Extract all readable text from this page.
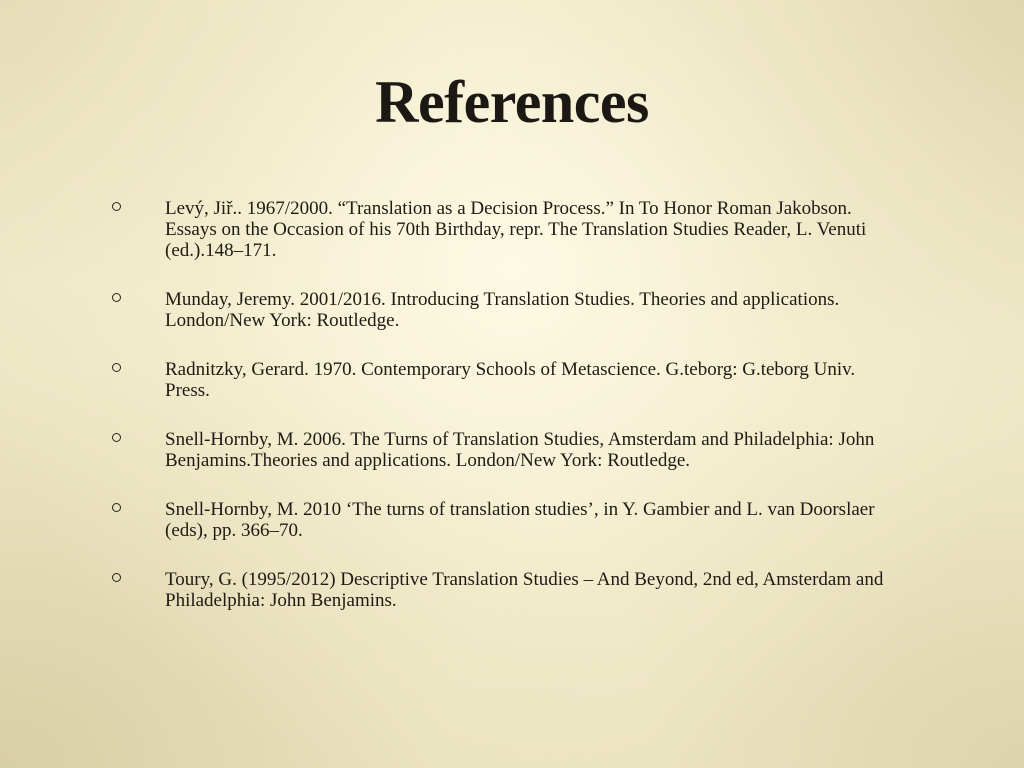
References
Levý, Jiř.. 1967/2000. “Translation as a Decision Process.” In To Honor Roman Jakobson. Essays on the Occasion of his 70th Birthday, repr. The Translation Studies Reader, L. Venuti (ed.).148–171.
Munday, Jeremy. 2001/2016. Introducing Translation Studies. Theories and applications. London/New York: Routledge.
Radnitzky, Gerard. 1970. Contemporary Schools of Metascience. G.teborg: G.teborg Univ. Press.
Snell-Hornby, M. 2006. The Turns of Translation Studies, Amsterdam and Philadelphia: John Benjamins.Theories and applications. London/New York: Routledge.
Snell-Hornby, M. 2010 ‘The turns of translation studies’, in Y. Gambier and L. van Doorslaer (eds), pp. 366–70.
Toury, G. (1995/2012) Descriptive Translation Studies – And Beyond, 2nd ed, Amsterdam and Philadelphia: John Benjamins.
